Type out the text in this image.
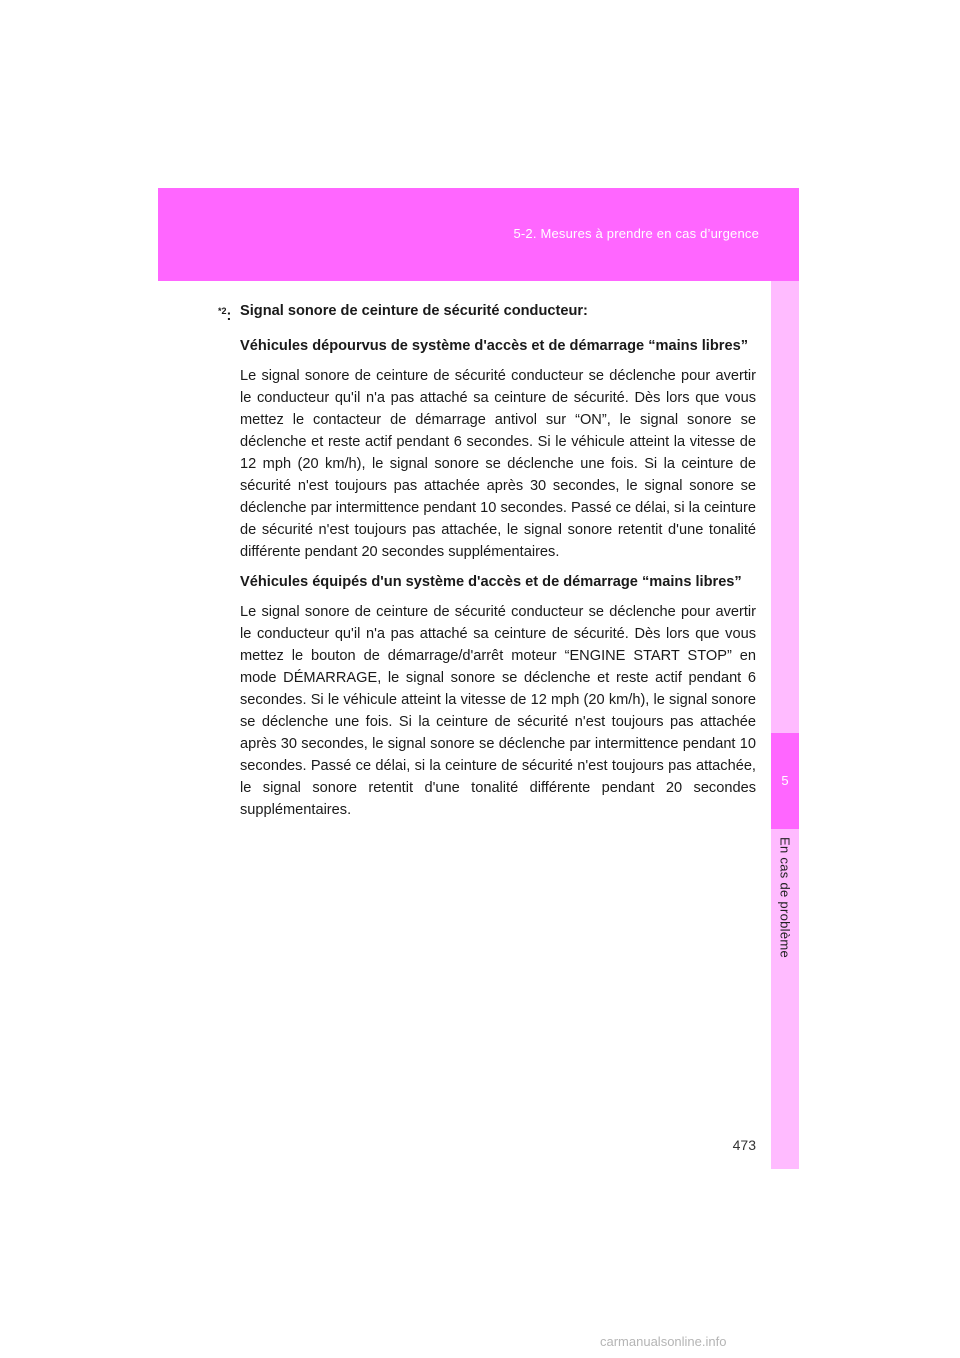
5-2. Mesures à prendre en cas d’urgence
5
En cas de problème
$^{*2}$: Signal sonore de ceinture de sécurité conducteur:

Véhicules dépourvus de système d'accès et de démarrage “mains libres”

Le signal sonore de ceinture de sécurité conducteur se déclenche pour avertir le conducteur qu'il n'a pas attaché sa ceinture de sécurité. Dès lors que vous mettez le contacteur de démarrage antivol sur “ON”, le signal sonore se déclenche et reste actif pendant 6 secondes. Si le véhicule atteint la vitesse de 12 mph (20 km/h), le signal sonore se déclenche une fois. Si la ceinture de sécurité n'est toujours pas attachée après 30 secondes, le signal sonore se déclenche par intermittence pendant 10 secondes. Passé ce délai, si la ceinture de sécurité n'est toujours pas attachée, le signal sonore retentit d'une tonalité différente pendant 20 secondes supplémentaires.

Véhicules équipés d'un système d'accès et de démarrage “mains libres”

Le signal sonore de ceinture de sécurité conducteur se déclenche pour avertir le conducteur qu'il n'a pas attaché sa ceinture de sécurité. Dès lors que vous mettez le bouton de démarrage/d'arrêt moteur “ENGINE START STOP” en mode DÉMARRAGE, le signal sonore se déclenche et reste actif pendant 6 secondes. Si le véhicule atteint la vitesse de 12 mph (20 km/h), le signal sonore se déclenche une fois. Si la ceinture de sécurité n'est toujours pas attachée après 30 secondes, le signal sonore se déclenche par intermittence pendant 10 secondes. Passé ce délai, si la ceinture de sécurité n'est toujours pas attachée, le signal sonore retentit d'une tonalité différente pendant 20 secondes supplémentaires.

473
carmanualsonline.info
